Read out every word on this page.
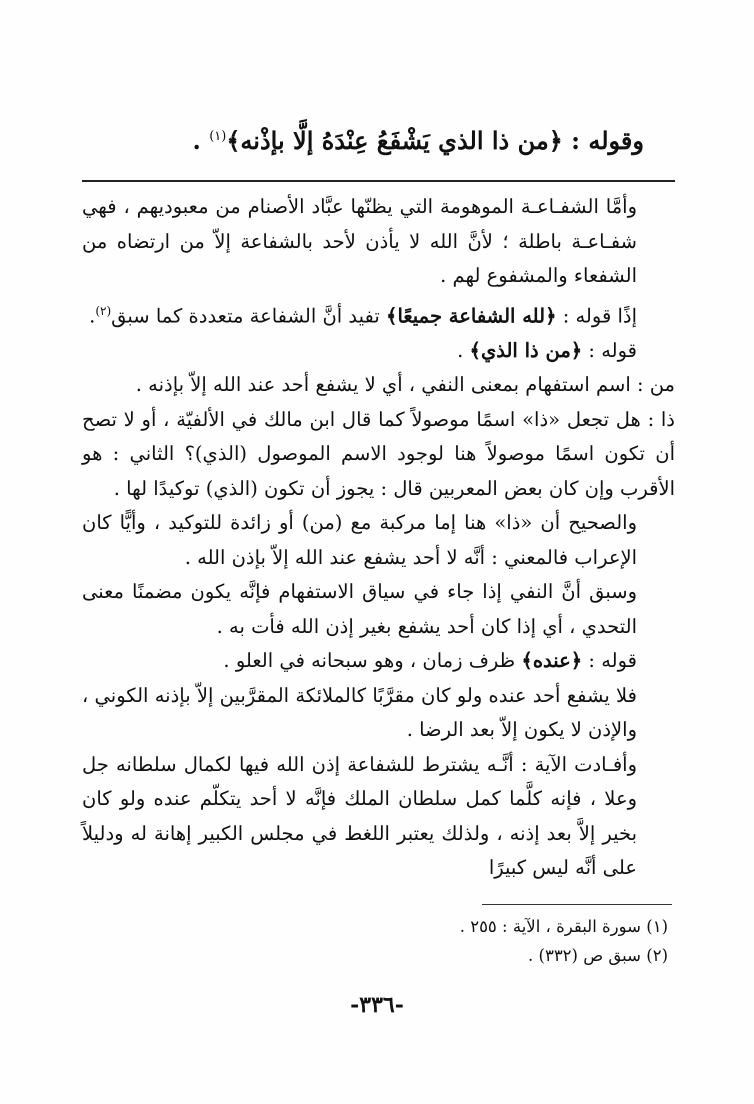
وقوله : ﴿من ذا الذي يَشْفَعُ عِنْدَهُ إلَّا بإذْنه﴾$^{(١)}$ .

وأمَّا الشفـاعـة الموهومة التي يظنّها عبَّاد الأصنام من معبوديهم ، فهي شفـاعـة باطلة ؛ لأنَّ الله لا يأذن لأحد بالشفاعة إلاّ من ارتضاه من الشفعاء والمشفوع لهم .

إذًا قوله : ﴿لله الشفاعة جميعًا﴾ تفيد أنَّ الشفاعة متعددة كما سبق$^{(٢)}$.

قوله : ﴿من ذا الذي﴾ .

من : اسم استفهام بمعنى النفي ، أي لا يشفع أحد عند الله إلاّ بإذنه .

ذا : هل تجعل «ذا» اسمًا موصولاً كما قال ابن مالك في الألفيّة ، أو لا تصح أن تكون اسمًا موصولاً هنا لوجود الاسم الموصول (الذي)؟ الثاني : هو الأقرب وإن كان بعض المعربين قال : يجوز أن تكون (الذي) توكيدًا لها .

والصحيح أن «ذا» هنا إما مركبة مع (من) أو زائدة للتوكيد ، وأيًّا كان الإعراب فالمعني : أنَّه لا أحد يشفع عند الله إلاّ بإذن الله .

وسبق أنَّ النفي إذا جاء في سياق الاستفهام فإنَّه يكون مضمنًا معنى التحدي ، أي إذا كان أحد يشفع بغير إذن الله فأت به .

قوله : ﴿عنده﴾ ظرف زمان ، وهو سبحانه في العلو .

فلا يشفع أحد عنده ولو كان مقرَّبًا كالملائكة المقرَّبين إلاّ بإذنه الكوني ، والإذن لا يكون إلاّ بعد الرضا .

وأفـادت الآية : أنَّـه يشترط للشفاعة إذن الله فيها لكمال سلطانه جل وعلا ، فإنه كلَّما كمل سلطان الملك فإنَّه لا أحد يتكلّم عنده ولو كان بخير إلاَّ بعد إذنه ، ولذلك يعتبر اللغط في مجلس الكبير إهانة له ودليلاً على أنَّه ليس كبيرًا

(١) سورة البقرة ، الآية : ٢٥٥ .
(٢) سبق ص (٣٣٢) .
-٣٣٦-
